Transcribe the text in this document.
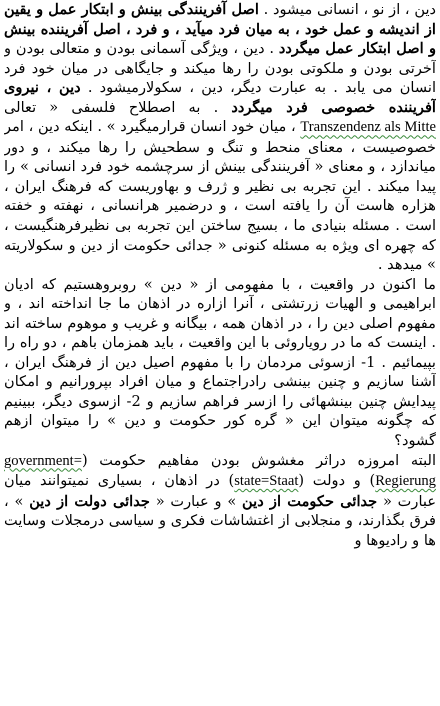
دین ، از نو ، انسانی میشود . اصل آفرینندگی بینش و ابتکار عمل و یقین از اندیشه و عمل خود ، به میان فرد میآید ، و فرد ، اصل آفریننده بینش و اصل ابتکار عمل میگردد . دین ، ویژگی آسمانی بودن و متعالی بودن و آخرتی بودن و ملکوتی بودن را رها میکند و جایگاهی در میان خود فرد انسان می یابد . به عبارت دیگر، دین ، سکولارمیشود . دین ، نیروی آفریننده خصوصی فرد میگردد . به اصطلاح فلسفی « تعالی Transzendenz als Mitte ، میان خود انسان قرارمیگیرد » . اینکه دین ، امر خصوصیست ، معنای منحط و تنگ و سطحیش را رها میکند ، و دور میاندازد ، و معنای « آفرینندگی بینش از سرچشمه خود فرد انسانی » را پیدا میکند . این تجربه بی نظیر و ژرف و بهاوریست که فرهنگ ایران ، هزاره هاست آن را یافته است ، و درضمیر هرانسانی ، نهفته و خفته است . مسئله بنیادی ما ، بسیج ساختن این تجربه بی نظیرفرهنگیست ، که چهره ای ویژه به مسئله کنونی « جدائی حکومت از دین و سکولاریته » میدهد .

ما اکنون در واقعیت ، با مفهومی از « دین » روبروهستیم که ادیان ابراهیمی و الهیات زرتشتی ، آنرا ازاره در اذهان ما جا انداخته اند ، و مفهوم اصلی دین را ، در اذهان همه ، بیگانه و غریب و موهوم ساخته اند . اینست که ما در رویاروئی با این واقعیت ، باید همزمان باهم ، دو راه را بپیمائیم . 1- ازسوئی مردمان را با مفهوم اصیل دین از فرهنگ ایران ، آشنا سازیم و چنین بینشی رادراجتماع و میان افراد بپرورانیم و امکان پیدایش چنین بینشهائی را ازسر فراهم سازیم و 2- ازسوی دیگر، ببینیم که چگونه میتوان این « گره کور حکومت و دین » را میتوان ازهم گشود؟

البته امروزه دراثر مغشوش بودن مفاهیم حکومت (government= Regierung) و دولت (state=Staat) در اذهان ، بسیاری نمیتوانند میان عبارت « جدائی حکومت از دین » و عبارت « جدائی دولت از دین » ، فرق بگذارند، و منجلابی از اغتشاشات فکری و سیاسی درمجلات وسایت ها و رادیوها و
